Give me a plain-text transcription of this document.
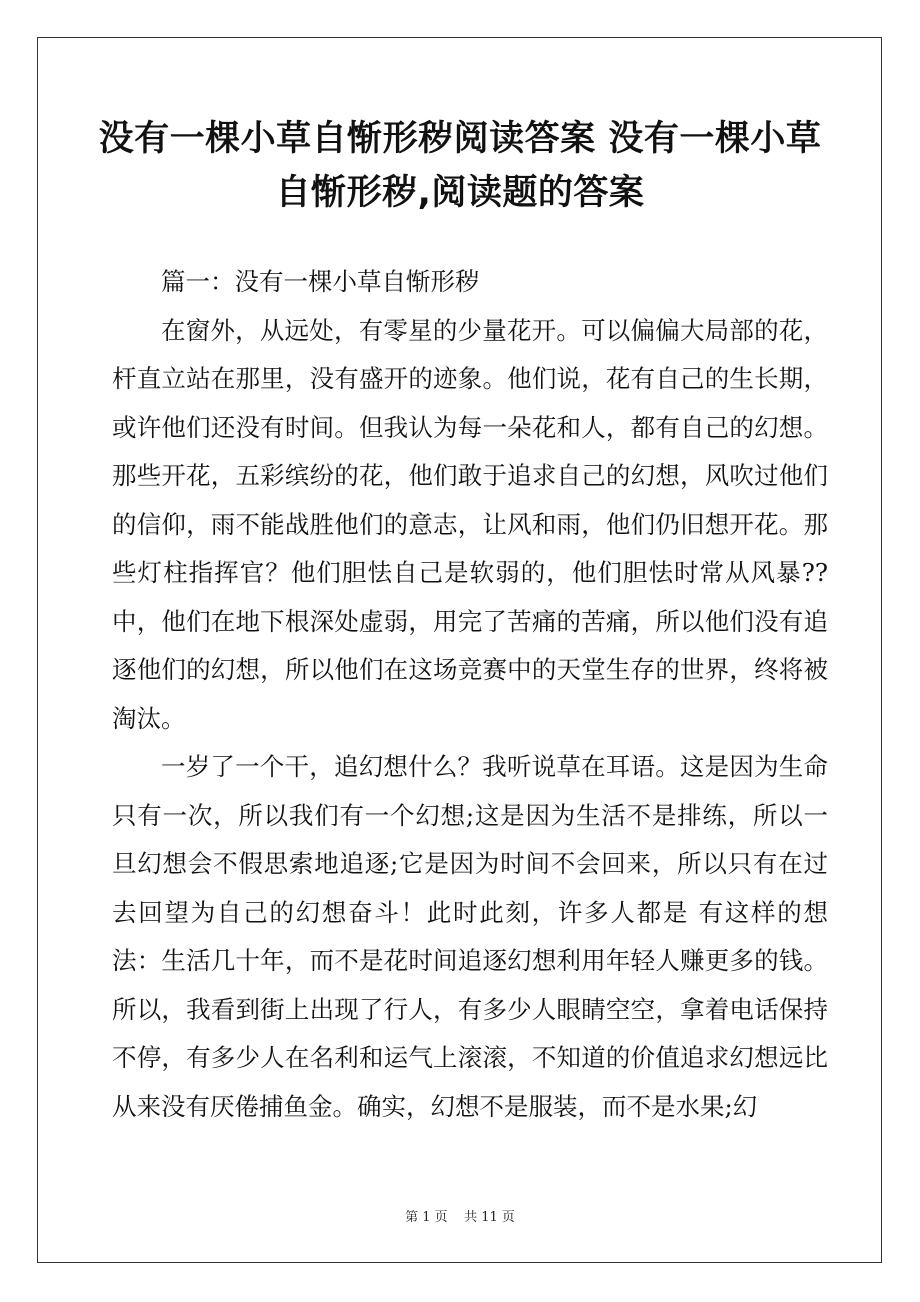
没有一棵小草自惭形秽阅读答案 没有一棵小草自惭形秽,阅读题的答案

篇一：没有一棵小草自惭形秽

在窗外，从远处，有零星的少量花开。可以偏偏大局部的花，杆直立站在那里，没有盛开的迹象。他们说，花有自己的生长期，或许他们还没有时间。但我认为每一朵花和人，都有自己的幻想。那些开花，五彩缤纷的花，他们敢于追求自己的幻想，风吹过他们的信仰，雨不能战胜他们的意志，让风和雨，他们仍旧想开花。那些灯柱指挥官？他们胆怯自己是软弱的，他们胆怯时常从风暴??中，他们在地下根深处虚弱，用完了苦痛的苦痛，所以他们没有追逐他们的幻想，所以他们在这场竞赛中的天堂生存的世界，终将被淘汰。

一岁了一个干，追幻想什么？我听说草在耳语。这是因为生命只有一次，所以我们有一个幻想;这是因为生活不是排练，所以一旦幻想会不假思索地追逐;它是因为时间不会回来，所以只有在过去回望为自己的幻想奋斗！此时此刻，许多人都是 有这样的想法：生活几十年，而不是花时间追逐幻想利用年轻人赚更多的钱。所以，我看到街上出现了行人，有多少人眼睛空空，拿着电话保持不停，有多少人在名利和运气上滚滚，不知道的价值追求幻想远比从来没有厌倦捕鱼金。确实，幻想不是服装，而不是水果;幻

第 1 页    共 11 页
